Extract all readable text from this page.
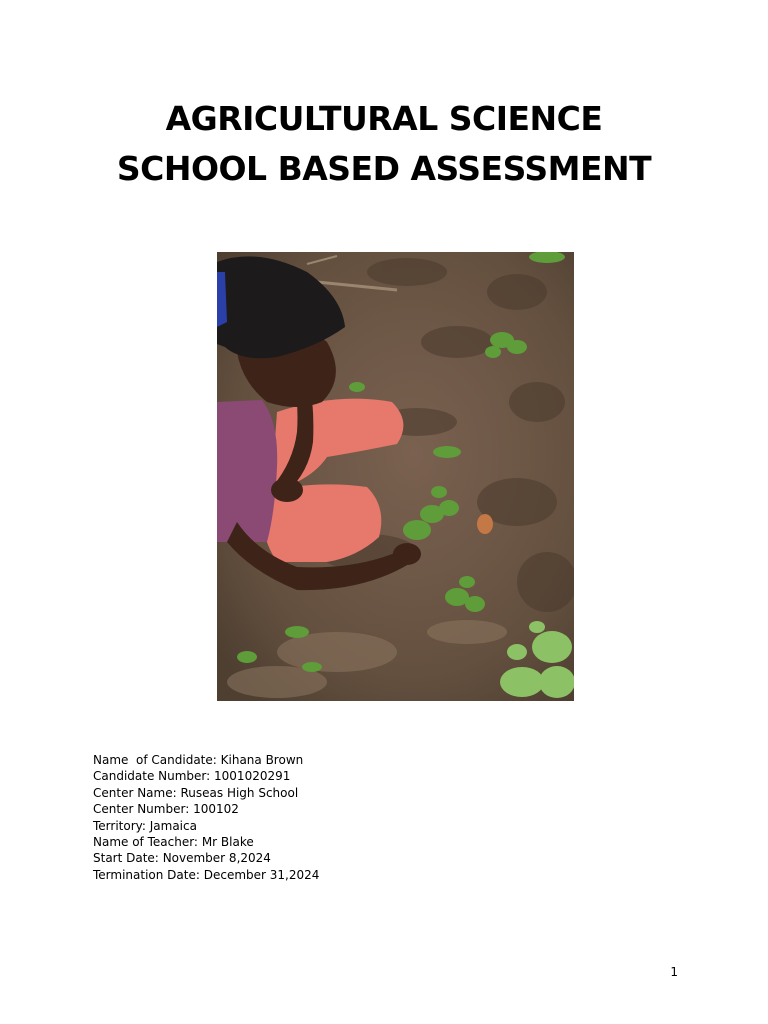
AGRICULTURAL SCIENCE
SCHOOL BASED ASSESSMENT
Name  of Candidate: Kihana Brown
Candidate Number: 1001020291
Center Name: Ruseas High School
Center Number: 100102
Territory: Jamaica
Name of Teacher: Mr Blake
Start Date: November 8,2024
Termination Date: December 31,2024
1
